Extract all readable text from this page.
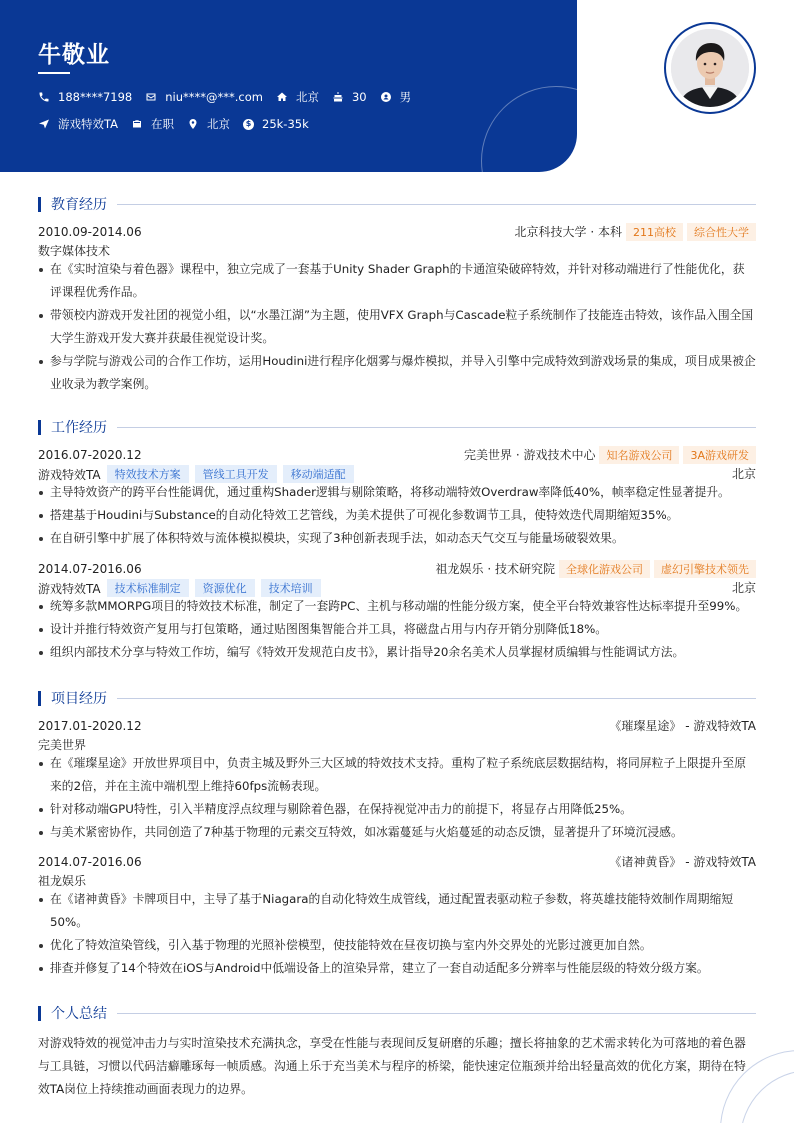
牛敬业
188****7198	niu****@***.com	北京	30	男
游戏特效TA	在职	北京	$ 25k-35k
教育经历
2010.09-2014.06	北京科技大学 · 本科	211高校	综合性大学
数字媒体技术
在《实时渲染与着色器》课程中，独立完成了一套基于Unity Shader Graph的卡通渲染破碎特效，并针对移动端进行了性能优化，获评课程优秀作品。
带领校内游戏开发社团的视觉小组，以“水墨江湖”为主题，使用VFX Graph与Cascade粒子系统制作了技能连击特效，该作品入围全国大学生游戏开发大赛并获最佳视觉设计奖。
参与学院与游戏公司的合作工作坊，运用Houdini进行程序化烟雾与爆炸模拟，并导入引擎中完成特效到游戏场景的集成，项目成果被企业收录为教学案例。
工作经历
2016.07-2020.12	完美世界 · 游戏技术中心	知名游戏公司	3A游戏研发
游戏特效TA	特效技术方案	管线工具开发	移动端适配	北京
主导特效资产的跨平台性能调优，通过重构Shader逻辑与剔除策略，将移动端特效Overdraw率降低40%，帧率稳定性显著提升。
搭建基于Houdini与Substance的自动化特效工艺管线，为美术提供了可视化参数调节工具，使特效迭代周期缩短35%。
在自研引擎中扩展了体积特效与流体模拟模块，实现了3种创新表现手法，如动态天气交互与能量场破裂效果。
2014.07-2016.06	祖龙娱乐 · 技术研究院	全球化游戏公司	虚幻引擎技术领先
游戏特效TA	技术标准制定	资源优化	技术培训	北京
统筹多款MMORPG项目的特效技术标准，制定了一套跨PC、主机与移动端的性能分级方案，使全平台特效兼容性达标率提升至99%。
设计并推行特效资产复用与打包策略，通过贴图图集智能合并工具，将磁盘占用与内存开销分别降低18%。
组织内部技术分享与特效工作坊，编写《特效开发规范白皮书》，累计指导20余名美术人员掌握材质编辑与性能调试方法。
项目经历
2017.01-2020.12	《璀璨星途》 - 游戏特效TA
完美世界
在《璀璨星途》开放世界项目中，负责主城及野外三大区域的特效技术支持。重构了粒子系统底层数据结构，将同屏粒子上限提升至原来的2倍，并在主流中端机型上维持60fps流畅表现。
针对移动端GPU特性，引入半精度浮点纹理与剔除着色器，在保持视觉冲击力的前提下，将显存占用降低25%。
与美术紧密协作，共同创造了7种基于物理的元素交互特效，如冰霜蔓延与火焰蔓延的动态反馈，显著提升了环境沉浸感。
2014.07-2016.06	《诸神黄昏》 - 游戏特效TA
祖龙娱乐
在《诸神黄昏》卡牌项目中，主导了基于Niagara的自动化特效生成管线，通过配置表驱动粒子参数，将英雄技能特效制作周期缩短50%。
优化了特效渲染管线，引入基于物理的光照补偿模型，使技能特效在昼夜切换与室内外交界处的光影过渡更加自然。
排查并修复了14个特效在iOS与Android中低端设备上的渲染异常，建立了一套自动适配多分辨率与性能层级的特效分级方案。
个人总结
对游戏特效的视觉冲击力与实时渲染技术充满执念，享受在性能与表现间反复研磨的乐趣；擅长将抽象的艺术需求转化为可落地的着色器与工具链，习惯以代码洁癖雕琢每一帧质感。沟通上乐于充当美术与程序的桥梁，能快速定位瓶颈并给出轻量高效的优化方案，期待在特效TA岗位上持续推动画面表现力的边界。
